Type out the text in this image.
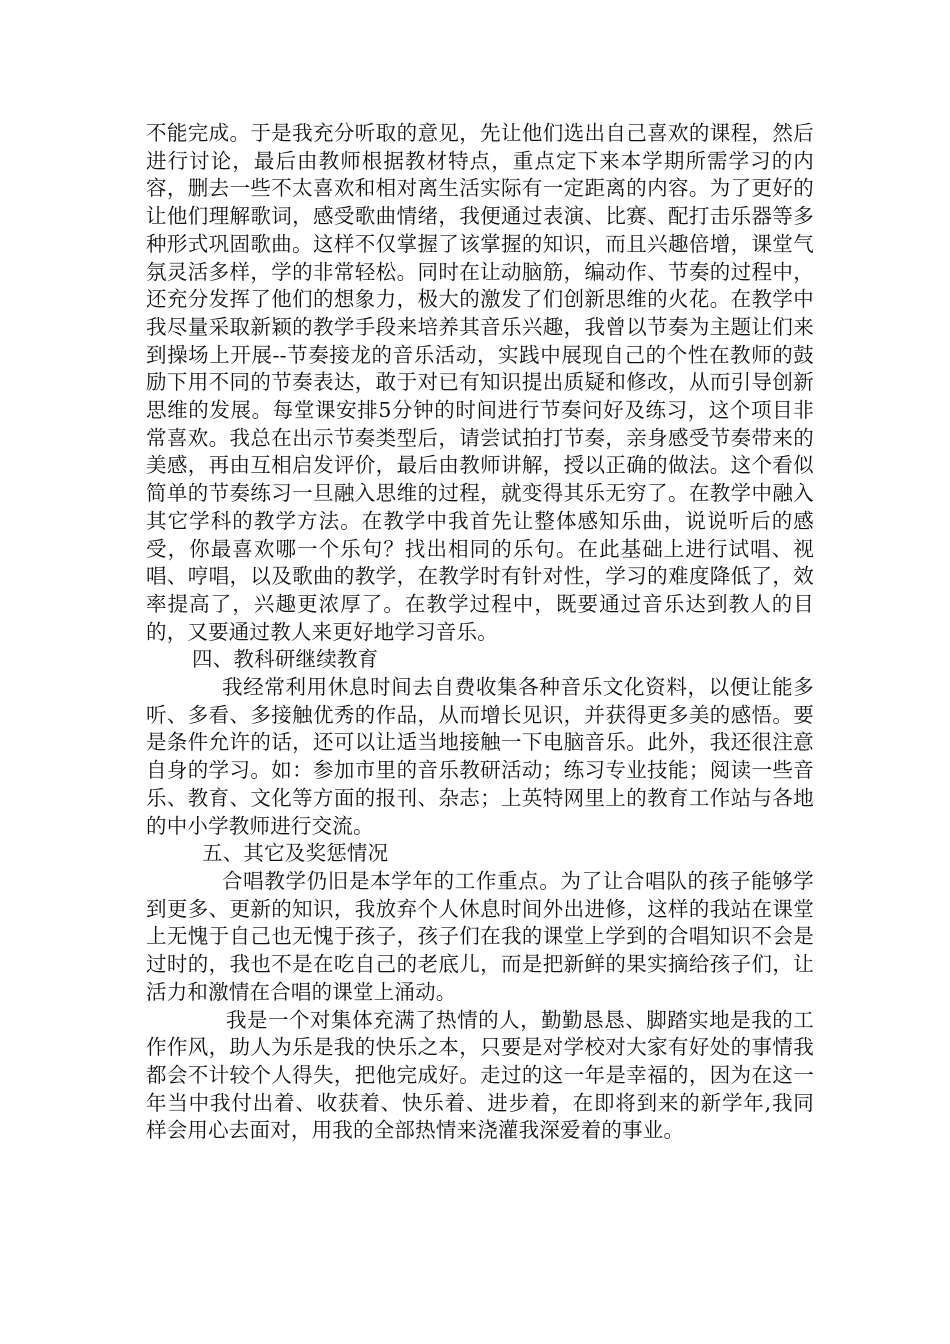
不能完成。于是我充分听取的意见，先让他们选出自己喜欢的课程，然后进行讨论，最后由教师根据教材特点，重点定下来本学期所需学习的内容，删去一些不太喜欢和相对离生活实际有一定距离的内容。为了更好的让他们理解歌词，感受歌曲情绪，我便通过表演、比赛、配打击乐器等多种形式巩固歌曲。这样不仅掌握了该掌握的知识，而且兴趣倍增，课堂气氛灵活多样，学的非常轻松。同时在让动脑筋，编动作、节奏的过程中，还充分发挥了他们的想象力，极大的激发了们创新思维的火花。在教学中我尽量采取新颖的教学手段来培养其音乐兴趣，我曾以节奏为主题让们来到操场上开展--节奏接龙的音乐活动，实践中展现自己的个性在教师的鼓励下用不同的节奏表达，敢于对已有知识提出质疑和修改，从而引导创新思维的发展。每堂课安排5分钟的时间进行节奏问好及练习，这个项目非常喜欢。我总在出示节奏类型后，请尝试拍打节奏，亲身感受节奏带来的美感，再由互相启发评价，最后由教师讲解，授以正确的做法。这个看似简单的节奏练习一旦融入思维的过程，就变得其乐无穷了。在教学中融入其它学科的教学方法。在教学中我首先让整体感知乐曲，说说听后的感受，你最喜欢哪一个乐句？找出相同的乐句。在此基础上进行试唱、视唱、哼唱，以及歌曲的教学，在教学时有针对性，学习的难度降低了，效率提高了，兴趣更浓厚了。在教学过程中，既要通过音乐达到教人的目的，又要通过教人来更好地学习音乐。

四、教科研继续教育

我经常利用休息时间去自费收集各种音乐文化资料，以便让能多听、多看、多接触优秀的作品，从而增长见识，并获得更多美的感悟。要是条件允许的话，还可以让适当地接触一下电脑音乐。此外，我还很注意自身的学习。如：参加市里的音乐教研活动；练习专业技能；阅读一些音乐、教育、文化等方面的报刊、杂志；上英特网里上的教育工作站与各地的中小学教师进行交流。

五、其它及奖惩情况

合唱教学仍旧是本学年的工作重点。为了让合唱队的孩子能够学到更多、更新的知识，我放弃个人休息时间外出进修，这样的我站在课堂上无愧于自己也无愧于孩子，孩子们在我的课堂上学到的合唱知识不会是过时的，我也不是在吃自己的老底儿，而是把新鲜的果实摘给孩子们，让活力和激情在合唱的课堂上涌动。

我是一个对集体充满了热情的人，勤勤恳恳、脚踏实地是我的工作作风，助人为乐是我的快乐之本，只要是对学校对大家有好处的事情我都会不计较个人得失，把他完成好。走过的这一年是幸福的，因为在这一年当中我付出着、收获着、快乐着、进步着，在即将到来的新学年,我同样会用心去面对，用我的全部热情来浇灌我深爱着的事业。
